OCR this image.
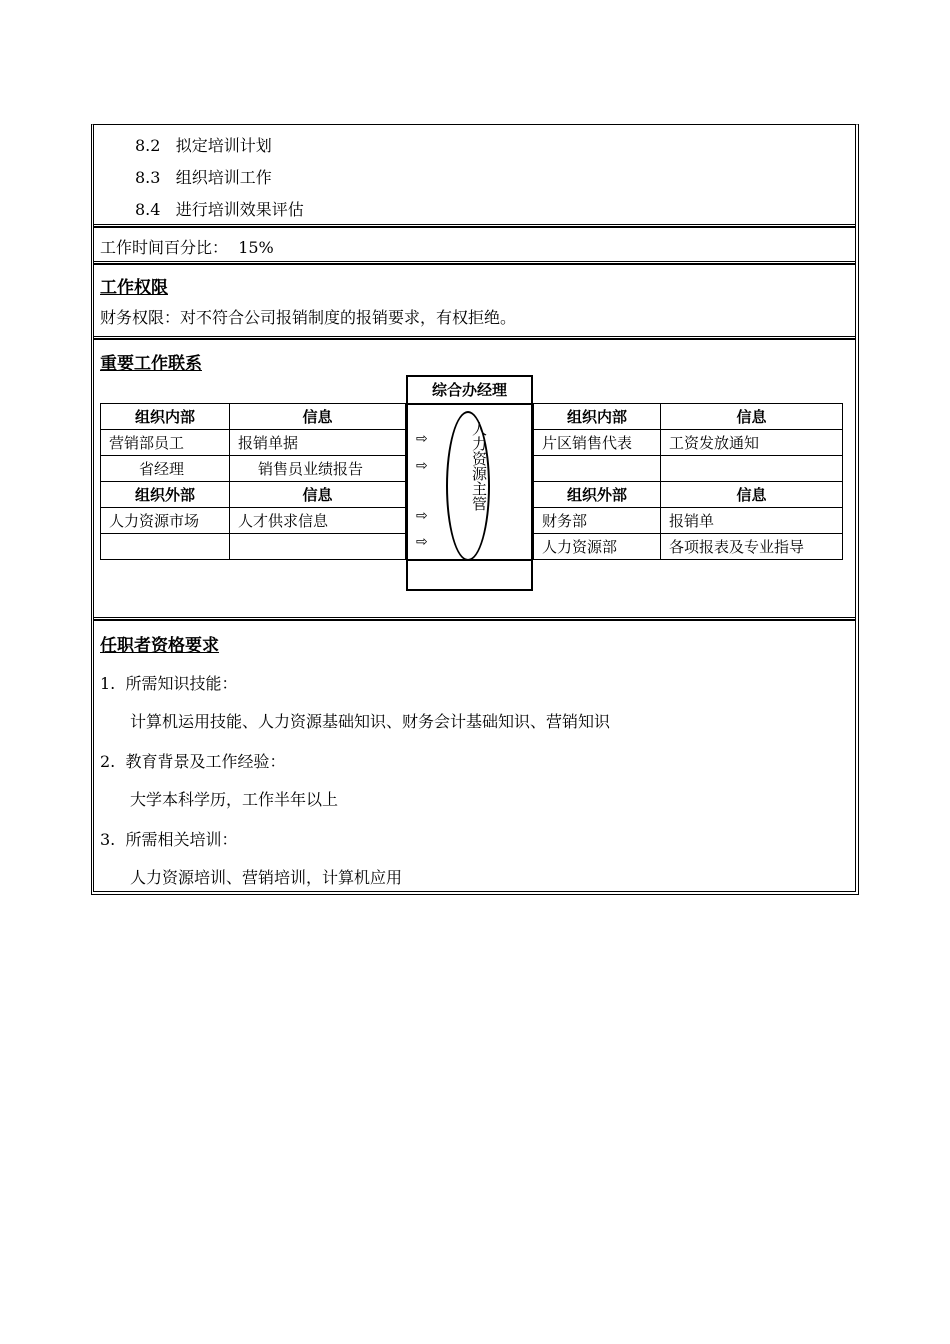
8.2 拟定培训计划
8.3 组织培训工作
8.4 进行培训效果评估
工作时间百分比： 15%
工作权限
财务权限：对不符合公司报销制度的报销要求，有权拒绝。
重要工作联系
综合办经理
人力资源主管
⇨
⇨
⇨
⇨
组织内部	信息
营销部员工	报销单据
省经理	销售员业绩报告
组织外部	信息
人力资源市场	人才供求信息

组织内部	信息
片区销售代表	工资发放通知

组织外部	信息
财务部	报销单
人力资源部	各项报表及专业指导
任职者资格要求
1. 所需知识技能：
计算机运用技能、人力资源基础知识、财务会计基础知识、营销知识
2. 教育背景及工作经验：
大学本科学历，工作半年以上
3. 所需相关培训：
人力资源培训、营销培训，计算机应用
